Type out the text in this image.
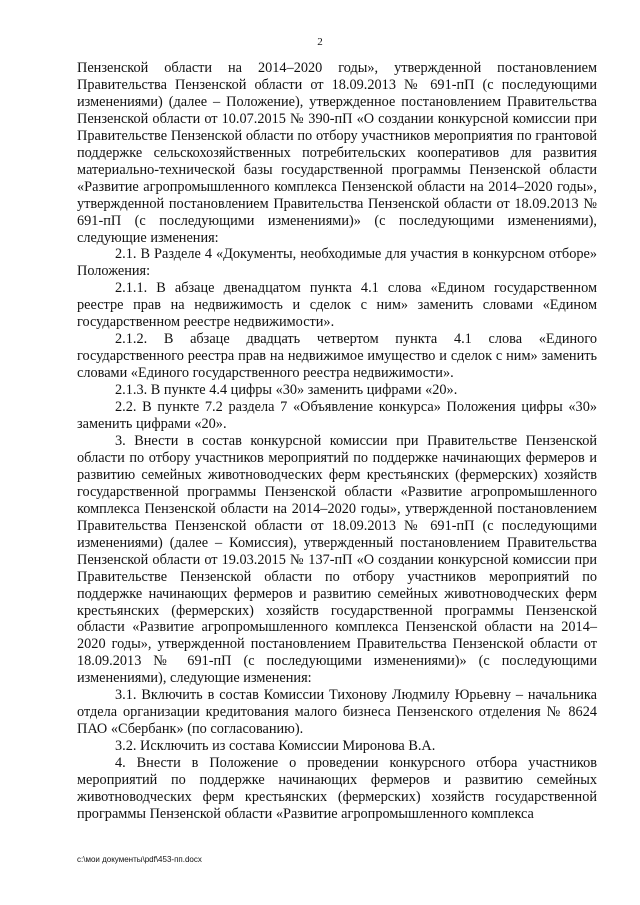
2

Пензенской области на 2014–2020 годы», утвержденной постановлением Правительства Пензенской области от 18.09.2013 № 691-пП (с последующими изменениями) (далее – Положение), утвержденное постановлением Правительства Пензенской области от 10.07.2015 № 390-пП «О создании конкурсной комиссии при Правительстве Пензенской области по отбору участников мероприятия по грантовой поддержке сельскохозяйственных потребительских кооперативов для развития материально-технической базы государственной программы Пензенской области «Развитие агропромышленного комплекса Пензенской области на 2014–2020 годы», утвержденной постановлением Правительства Пензенской области от 18.09.2013 № 691-пП (с последующими изменениями)» (с последующими изменениями), следующие изменения:

2.1. В Разделе 4 «Документы, необходимые для участия в конкурсном отборе» Положения:

2.1.1. В абзаце двенадцатом пункта 4.1 слова «Едином государственном реестре прав на недвижимость и сделок с ним» заменить словами «Едином государственном реестре недвижимости».

2.1.2. В абзаце двадцать четвертом пункта 4.1 слова «Единого государственного реестра прав на недвижимое имущество и сделок с ним» заменить словами «Единого государственного реестра недвижимости».

2.1.3. В пункте 4.4 цифры «30» заменить цифрами «20».

2.2. В пункте 7.2 раздела 7 «Объявление конкурса» Положения цифры «30» заменить цифрами «20».

3. Внести в состав конкурсной комиссии при Правительстве Пензенской области по отбору участников мероприятий по поддержке начинающих фермеров и развитию семейных животноводческих ферм крестьянских (фермерских) хозяйств государственной программы Пензенской области «Развитие агропромышленного комплекса Пензенской области на 2014–2020 годы», утвержденной постановлением Правительства Пензенской области от 18.09.2013 № 691-пП (с последующими изменениями) (далее – Комиссия), утвержденный постановлением Правительства Пензенской области от 19.03.2015 № 137-пП «О создании конкурсной комиссии при Правительстве Пензенской области по отбору участников мероприятий по поддержке начинающих фермеров и развитию семейных животноводческих ферм крестьянских (фермерских) хозяйств государственной программы Пензенской области «Развитие агропромышленного комплекса Пензенской области на 2014–2020 годы», утвержденной постановлением Правительства Пензенской области от 18.09.2013 № 691-пП (с последующими изменениями)» (с последующими изменениями), следующие изменения:

3.1. Включить в состав Комиссии Тихонову Людмилу Юрьевну – начальника отдела организации кредитования малого бизнеса Пензенского отделения № 8624 ПАО «Сбербанк» (по согласованию).

3.2. Исключить из состава Комиссии Миронова В.А.

4. Внести в Положение о проведении конкурсного отбора участников мероприятий по поддержке начинающих фермеров и развитию семейных животноводческих ферм крестьянских (фермерских) хозяйств государственной программы Пензенской области «Развитие агропромышленного комплекса

c:\мои документы\pdf\453-пп.docx
